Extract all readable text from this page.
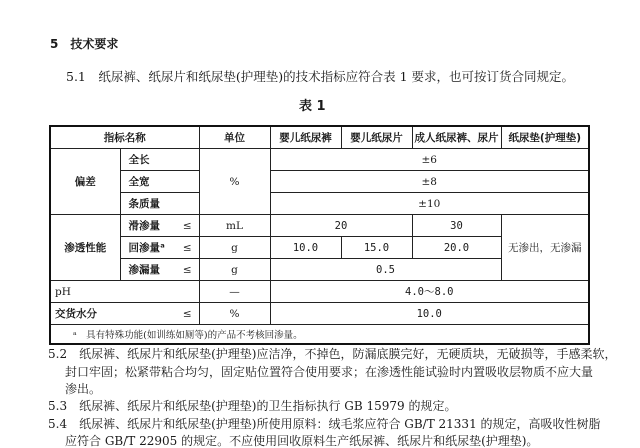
5　技术要求
5.1　纸尿裤、纸尿片和纸尿垫(护理垫)的技术指标应符合表 1 要求，也可按订货合同规定。
表 1
指标名称			单位	婴儿纸尿裤	婴儿纸尿片	成人纸尿裤、尿片	纸尿垫(护理垫)
偏差	全长		%	±6			
	全宽			±8			
	条质量			±10			
渗透性能	滑渗量	≤	mL	20		30	无渗出，无渗漏
	回渗量ᵃ	≤	g	10.0	15.0	20.0	
	渗漏量	≤	g	0.5			
pH			—	4.0～8.0			
交货水分		≤	%	10.0			
ᵃ　具有特殊功能(如训练如厕等)的产品不考核回渗量。							
5.2　纸尿裤、纸尿片和纸尿垫(护理垫)应洁净，不掉色，防漏底膜完好，无硬质块，无破损等，手感柔软，
封口牢固；松紧带粘合均匀，固定贴位置符合使用要求；在渗透性能试验时内置吸收层物质不应大量
渗出。
5.3　纸尿裤、纸尿片和纸尿垫(护理垫)的卫生指标执行 GB 15979 的规定。
5.4　纸尿裤、纸尿片和纸尿垫(护理垫)所使用原料：绒毛浆应符合 GB/T 21331 的规定，高吸收性树脂
应符合 GB/T 22905 的规定。不应使用回收原料生产纸尿裤、纸尿片和纸尿垫(护理垫)。
